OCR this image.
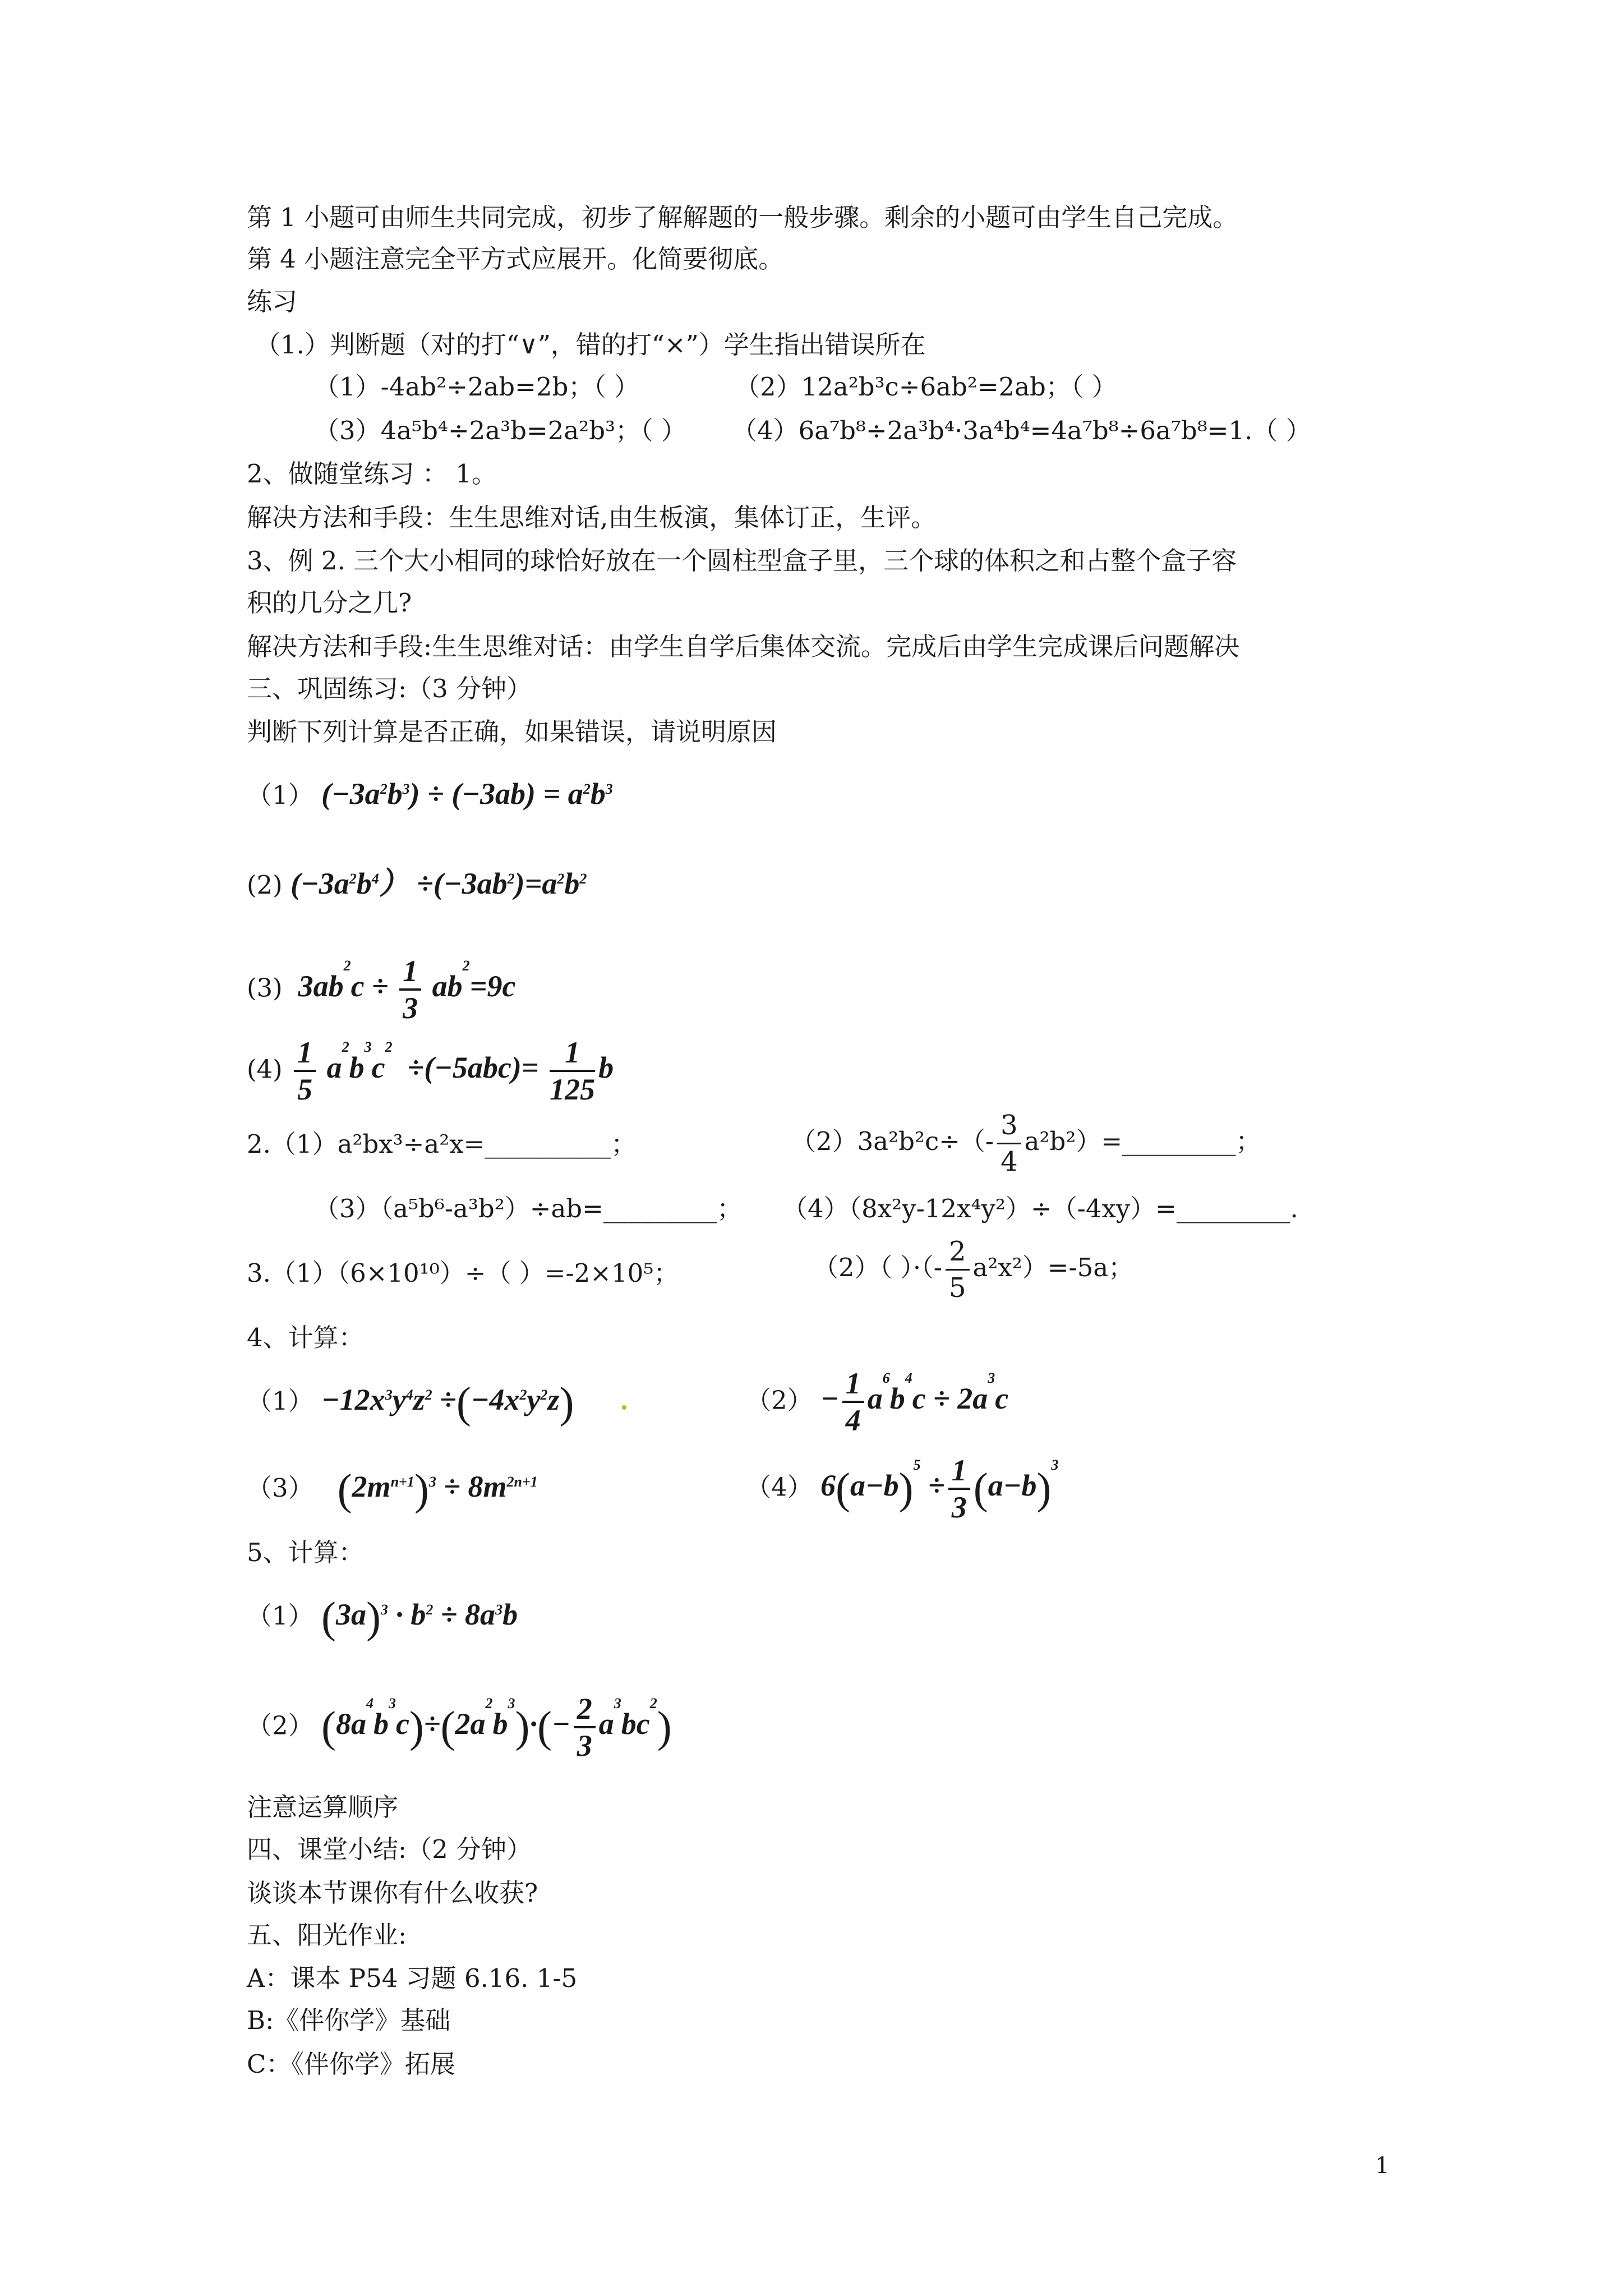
第 1 小题可由师生共同完成，初步了解解题的一般步骤。剩余的小题可由学生自己完成。
第 4 小题注意完全平方式应展开。化简要彻底。
练习
（1.）判断题（对的打“∨”，错的打“×”）学生指出错误所在
（1）-4ab²÷2ab=2b；（ ）	（2）12a²b³c÷6ab²=2ab；（ ）
（3）4a⁵b⁴÷2a³b=2a²b³；（ ） （4）6a⁷b⁸÷2a³b⁴·3a⁴b⁴=4a⁷b⁸÷6a⁷b⁸=1.（ ）
2、做随堂练习 ： 1。
解决方法和手段：生生思维对话,由生板演，集体订正，生评。
3、例 2. 三个大小相同的球恰好放在一个圆柱型盒子里，三个球的体积之和占整个盒子容
积的几分之几?
解决方法和手段:生生思维对话：由学生自学后集体交流。完成后由学生完成课后问题解决
三、巩固练习:（3 分钟）
判断下列计算是否正确，如果错误，请说明原因
（1） $(-3a^2b^3) \div (-3ab) = a^2b^3$
(2) $(-3a^2b^4) \div(-3ab^2)=a^2b^2$
(3)  $3ab^2c \div \frac{1}{3} ab^2=9c$
$(4) \frac{1}{5} a^2b^3c^2 \div(-5abc)= \frac{1}{125}$ b
2.（1）a²bx³÷a²x=__________；	$(2)3a^2b^2c\div(- \frac{3}{4}$ a²b²）=_________；
（3）（a⁵b⁶-a³b²）÷ab=_________； （4）（8x²y-12x⁴y²）÷（-4xy）=_________.
3.（1）（6×10¹⁰）÷（ ）=-2×10⁵；	（2）（ ）·（- $\frac{2}{5} a^2x^2)=-5a$；
4、计算：
$(1) -12x^3y^4z^2 \div(-4x^2y^2z)$	$(2) - \frac{1}{4} a^6b^4c \div 2a^3c$
（3） $(2m^{n+1})^3 \div 8m^{2n+1}$	（4） $6(a-b)^5 \div \frac{1}{3} (a-b)^3$
5、计算：
（1） $(3a)^3 \cdot b^2 \div 8a^3b$
（2） $(8a^4b^3c)\div(2a^2b^3)\cdot(- \frac{2}{3} a^3bc^2)$
注意运算顺序
四、课堂小结:（2 分钟）
谈谈本节课你有什么收获?
五、阳光作业:
A：课本 P54 习题 6.16. 1-5
B:《伴你学》基础
C：《伴你学》拓展
1
